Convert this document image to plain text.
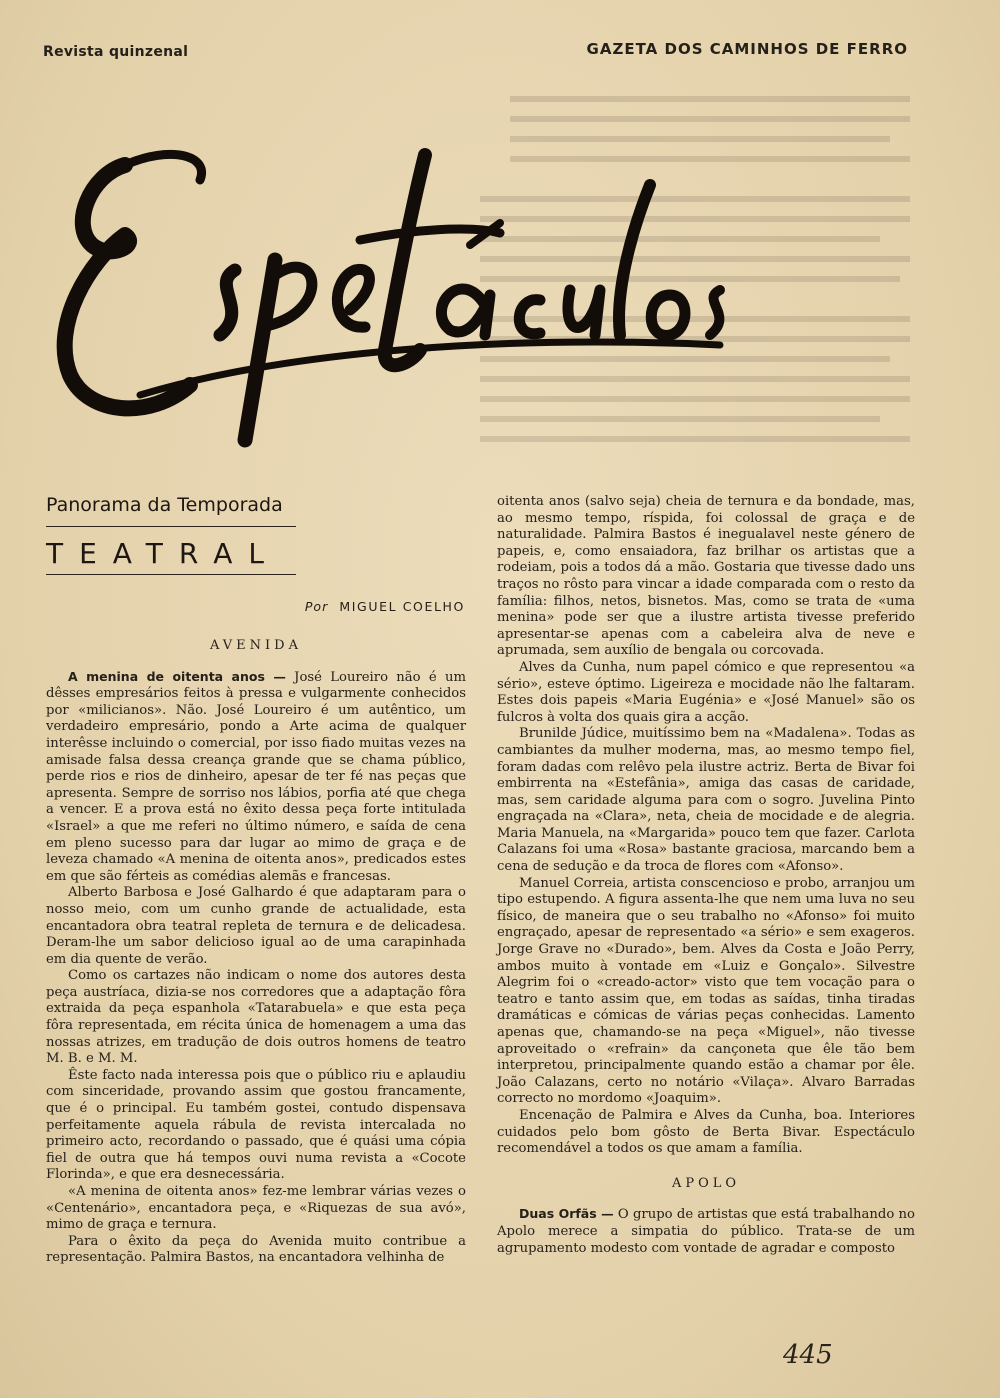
Revista quinzenal	GAZETA DOS CAMINHOS DE FERRO
Panorama da Temporada
TEATRAL
Por MIGUEL COELHO
AVENIDA

A menina de oitenta anos — José Loureiro não é um dêsses empresários feitos à pressa e vulgarmente conhecidos por «milicianos». Não. José Loureiro é um autêntico, um verdadeiro empresário, pondo a Arte acima de qualquer interêsse incluindo o comercial, por isso fiado muitas vezes na amisade falsa dessa creança grande que se chama público, perde rios e rios de dinheiro, apesar de ter fé nas peças que apresenta. Sempre de sorriso nos lábios, porfia até que chega a vencer. E a prova está no êxito dessa peça forte intitulada «Israel» a que me referi no último número, e saída de cena em pleno sucesso para dar lugar ao mimo de graça e de leveza chamado «A menina de oitenta anos», predicados estes em que são férteis as comédias alemãs e francesas.

Alberto Barbosa e José Galhardo é que adaptaram para o nosso meio, com um cunho grande de actualidade, esta encantadora obra teatral repleta de ternura e de delicadesa. Deram-lhe um sabor delicioso igual ao de uma carapinhada em dia quente de verão.

Como os cartazes não indicam o nome dos autores desta peça austríaca, dizia-se nos corredores que a adaptação fôra extraida da peça espanhola «Tatarabuela» e que esta peça fôra representada, em récita única de homenagem a uma das nossas atrizes, em tradução de dois outros homens de teatro M. B. e M. M.

Êste facto nada interessa pois que o público riu e aplaudiu com sinceridade, provando assim que gostou francamente, que é o principal. Eu também gostei, contudo dispensava perfeitamente aquela rábula de revista intercalada no primeiro acto, recordando o passado, que é quási uma cópia fiel de outra que há tempos ouvi numa revista a «Cocote Florinda», e que era desnecessária.

«A menina de oitenta anos» fez-me lembrar várias vezes o «Centenário», encantadora peça, e «Riquezas de sua avó», mimo de graça e ternura.

Para o êxito da peça do Avenida muito contribue a representação. Palmira Bastos, na encantadora velhinha de

oitenta anos (salvo seja) cheia de ternura e da bondade, mas, ao mesmo tempo, ríspida, foi colossal de graça e de naturalidade. Palmira Bastos é inegualavel neste género de papeis, e, como ensaiadora, faz brilhar os artistas que a rodeiam, pois a todos dá a mão. Gostaria que tivesse dado uns traços no rôsto para vincar a idade comparada com o resto da família: filhos, netos, bisnetos. Mas, como se trata de «uma menina» pode ser que a ilustre artista tivesse preferido apresentar-se apenas com a cabeleira alva de neve e aprumada, sem auxílio de bengala ou corcovada.

Alves da Cunha, num papel cómico e que representou «a sério», esteve óptimo. Ligeireza e mocidade não lhe faltaram. Estes dois papeis «Maria Eugénia» e «José Manuel» são os fulcros à volta dos quais gira a acção.

Brunilde Júdice, muitíssimo bem na «Madalena». Todas as cambiantes da mulher moderna, mas, ao mesmo tempo fiel, foram dadas com relêvo pela ilustre actriz. Berta de Bivar foi embirrenta na «Estefânia», amiga das casas de caridade, mas, sem caridade alguma para com o sogro. Juvelina Pinto engraçada na «Clara», neta, cheia de mocidade e de alegria. Maria Manuela, na «Margarida» pouco tem que fazer. Carlota Calazans foi uma «Rosa» bastante graciosa, marcando bem a cena de sedução e da troca de flores com «Afonso».

Manuel Correia, artista conscencioso e probo, arranjou um tipo estupendo. A figura assenta-lhe que nem uma luva no seu físico, de maneira que o seu trabalho no «Afonso» foi muito engraçado, apesar de representado «a sério» e sem exageros. Jorge Grave no «Durado», bem. Alves da Costa e João Perry, ambos muito à vontade em «Luiz e Gonçalo». Silvestre Alegrim foi o «creado-actor» visto que tem vocação para o teatro e tanto assim que, em todas as saídas, tinha tiradas dramáticas e cómicas de várias peças conhecidas. Lamento apenas que, chamando-se na peça «Miguel», não tivesse aproveitado o «refrain» da cançoneta que êle tão bem interpretou, principalmente quando estão a chamar por êle. João Calazans, certo no notário «Vilaça». Alvaro Barradas correcto no mordomo «Joaquim».

Encenação de Palmira e Alves da Cunha, boa. Interiores cuidados pelo bom gôsto de Berta Bivar. Espectáculo recomendável a todos os que amam a família.

APOLO

Duas Orfãs — O grupo de artistas que está trabalhando no Apolo merece a simpatia do público. Trata-se de um agrupamento modesto com vontade de agradar e composto

445
